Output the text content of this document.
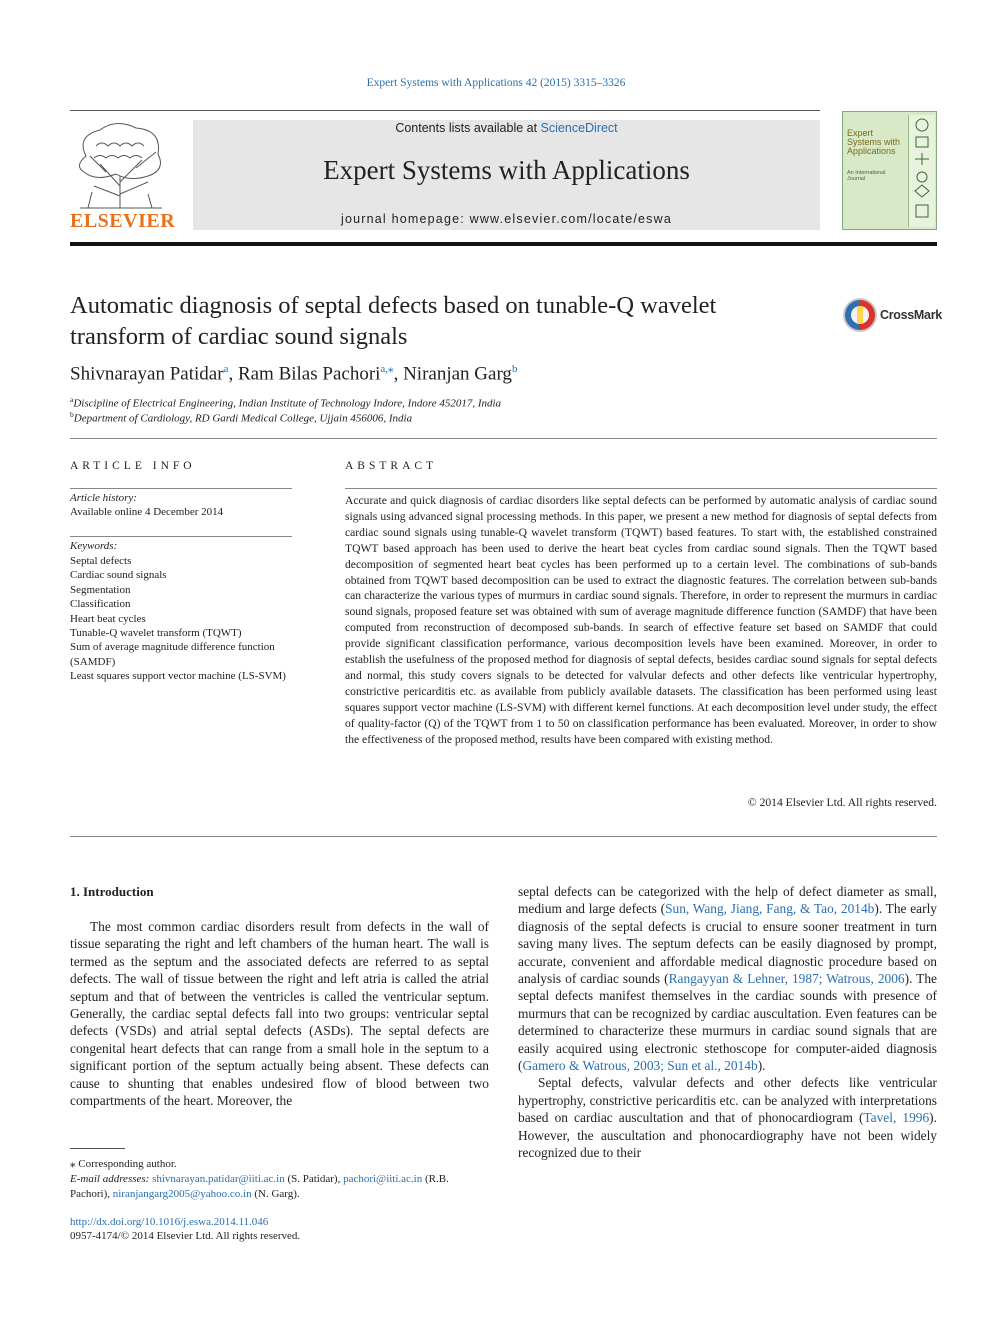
Expert Systems with Applications 42 (2015) 3315–3326
ELSEVIER
Contents lists available at ScienceDirect
Expert Systems with Applications
journal homepage: www.elsevier.com/locate/eswa
Expert Systems with Applications
An International Journal
Automatic diagnosis of septal defects based on tunable-Q wavelet transform of cardiac sound signals
CrossMark
Shivnarayan Patidar$^a$, Ram Bilas Pachori$^{a,⁎}$, Niranjan Garg$^b$
$^a$Discipline of Electrical Engineering, Indian Institute of Technology Indore, Indore 452017, India
$^b$Department of Cardiology, RD Gardi Medical College, Ujjain 456006, India
ARTICLE INFO	ABSTRACT
Article history:
Available online 4 December 2014
Keywords:
Septal defects
Cardiac sound signals
Segmentation
Classification
Heart beat cycles
Tunable-Q wavelet transform (TQWT)
Sum of average magnitude difference function (SAMDF)
Least squares support vector machine (LS-SVM)
Accurate and quick diagnosis of cardiac disorders like septal defects can be performed by automatic analysis of cardiac sound signals using advanced signal processing methods. In this paper, we present a new method for diagnosis of septal defects from cardiac sound signals using tunable-Q wavelet transform (TQWT) based features. To start with, the established constrained TQWT based approach has been used to derive the heart beat cycles from cardiac sound signals. Then the TQWT based decomposition of segmented heart beat cycles has been performed up to a certain level. The combinations of sub-bands obtained from TQWT based decomposition can be used to extract the diagnostic features. The correlation between sub-bands can characterize the various types of murmurs in cardiac sound signals. Therefore, in order to represent the murmurs in cardiac sound signals, proposed feature set was obtained with sum of average magnitude difference function (SAMDF) that have been computed from reconstruction of decomposed sub-bands. In search of effective feature set based on SAMDF that could provide significant classification performance, various decomposition levels have been examined. Moreover, in order to establish the usefulness of the proposed method for diagnosis of septal defects, besides cardiac sound signals for septal defects and normal, this study covers signals to be detected for valvular defects and other defects like ventricular hypertrophy, constrictive pericarditis etc. as available from publicly available datasets. The classification has been performed using least squares support vector machine (LS-SVM) with different kernel functions. At each decomposition level under study, the effect of quality-factor (Q) of the TQWT from 1 to 50 on classification performance has been evaluated. Moreover, in order to show the effectiveness of the proposed method, results have been compared with existing method.
© 2014 Elsevier Ltd. All rights reserved.
1. Introduction

The most common cardiac disorders result from defects in the wall of tissue separating the right and left chambers of the human heart. The wall is termed as the septum and the associated defects are referred to as septal defects. The wall of tissue between the right and left atria is called the atrial septum and that of between the ventricles is called the ventricular septum. Generally, the cardiac septal defects fall into two groups: ventricular septal defects (VSDs) and atrial septal defects (ASDs). The septal defects are congenital heart defects that can range from a small hole in the septum to a significant portion of the septum actually being absent. These defects can cause to shunting that enables undesired flow of blood between two compartments of the heart. Moreover, the

septal defects can be categorized with the help of defect diameter as small, medium and large defects (Sun, Wang, Jiang, Fang, & Tao, 2014b). The early diagnosis of the septal defects is crucial to ensure sooner treatment in turn saving many lives. The septum defects can be easily diagnosed by prompt, accurate, convenient and affordable medical diagnostic procedure based on analysis of cardiac sounds (Rangayyan & Lehner, 1987; Watrous, 2006). The septal defects manifest themselves in the cardiac sounds with presence of murmurs that can be recognized by cardiac auscultation. Even features can be determined to characterize these murmurs in cardiac sound signals that are easily acquired using electronic stethoscope for computer-aided diagnosis (Gamero & Watrous, 2003; Sun et al., 2014b).

Septal defects, valvular defects and other defects like ventricular hypertrophy, constrictive pericarditis etc. can be analyzed with interpretations based on cardiac auscultation and that of phonocardiogram (Tavel, 1996). However, the auscultation and phonocardiography have not been widely recognized due to their

⁎ Corresponding author.
E-mail addresses: shivnarayan.patidar@iiti.ac.in (S. Patidar), pachori@iiti.ac.in (R.B. Pachori), niranjangarg2005@yahoo.co.in (N. Garg).
http://dx.doi.org/10.1016/j.eswa.2014.11.046
0957-4174/© 2014 Elsevier Ltd. All rights reserved.
